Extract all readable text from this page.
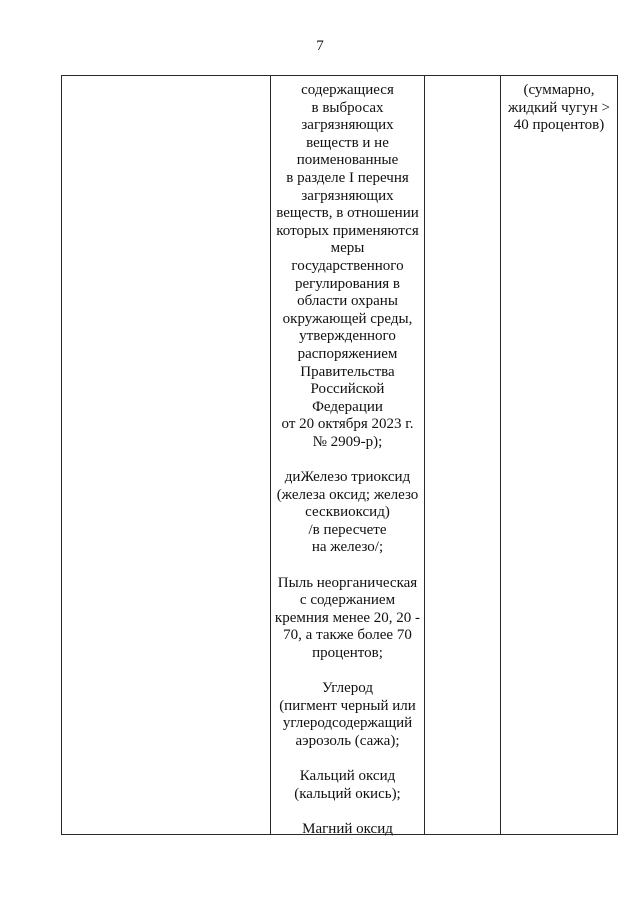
7
содержащиеся
в выбросах
загрязняющих
веществ и не
поименованные
в разделе I перечня
загрязняющих
веществ, в отношении
которых применяются
меры
государственного
регулирования в
области охраны
окружающей среды,
утвержденного
распоряжением
Правительства
Российской
Федерации
от 20 октября 2023 г.
№ 2909-р);
диЖелезо триоксид
(железа оксид; железо
сесквиоксид)
/в пересчете
на железо/;
Пыль неорганическая
с содержанием
кремния менее 20, 20 -
70, а также более 70
процентов;
Углерод
(пигмент черный или
углеродсодержащий
аэрозоль (сажа);
Кальций оксид
(кальций окись);
Магний оксид
(суммарно,
жидкий чугун >
40 процентов)
